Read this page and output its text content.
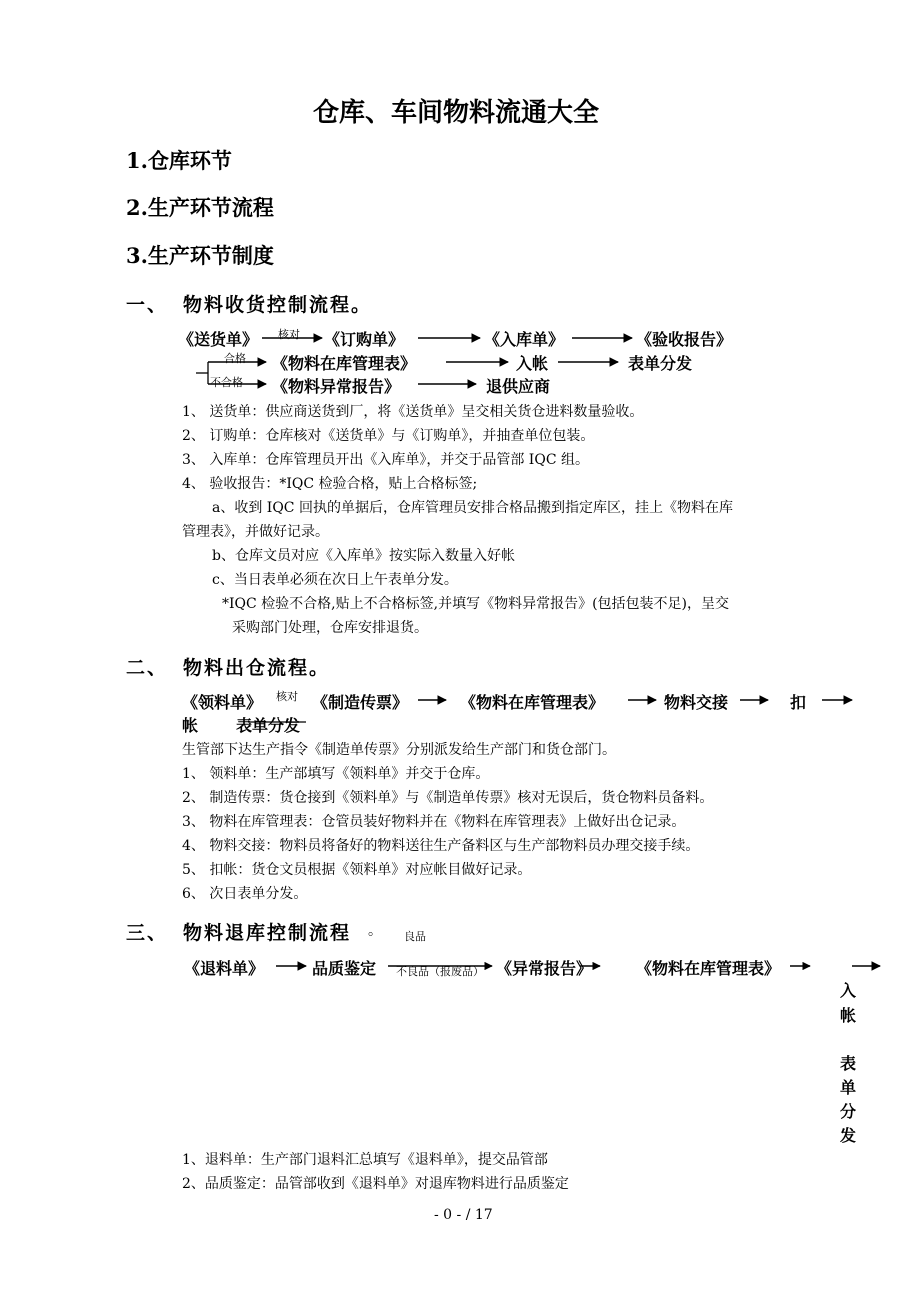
仓库、车间物料流通大全
1.仓库环节
2.生产环节流程
3.生产环节制度
一、 物料收货控制流程。
《送货单》 核对 《订购单》	《入库单》	《验收报告》
合格 《物料在库管理表》	入帐	表单分发
不合格 《物料异常报告》	退供应商
1、 送货单：供应商送货到厂，将《送货单》呈交相关货仓进料数量验收。
2、 订购单：仓库核对《送货单》与《订购单》，并抽查单位包装。
3、 入库单：仓库管理员开出《入库单》，并交于品管部 IQC 组。
4、 验收报告：*IQC 检验合格，贴上合格标签;
a、收到 IQC 回执的单据后，仓库管理员安排合格品搬到指定库区，挂上《物料在库
管理表》，并做好记录。
b、仓库文员对应《入库单》按实际入数量入好帐
c、当日表单必须在次日上午表单分发。
*IQC 检验不合格,贴上不合格标签,并填写《物料异常报告》(包括包装不足)，呈交
采购部门处理，仓库安排退货。
二、 物料出仓流程。
《领料单》 核对 《制造传票》	《物料在库管理表》	物料交接	扣
帐 表单分发
生管部下达生产指令《制造单传票》分别派发给生产部门和货仓部门。
1、 领料单：生产部填写《领料单》并交于仓库。
2、 制造传票：货仓接到《领料单》与《制造单传票》核对无误后，货仓物料员备料。
3、 物料在库管理表：仓管员装好物料并在《物料在库管理表》上做好出仓记录。
4、 物料交接：物料员将备好的物料送往生产备料区与生产部物料员办理交接手续。
5、 扣帐：货仓文员根据《领料单》对应帐目做好记录。
6、 次日表单分发。
三、 物料退库控制流程 。 良品
《退料单》	品质鉴定 不良品（报废品） 《异常报告》	《物料在库管理表》
入
帐
表
单
分
发
1、退料单：生产部门退料汇总填写《退料单》，提交品管部
2、品质鉴定：品管部收到《退料单》对退库物料进行品质鉴定
- 0 - / 17
